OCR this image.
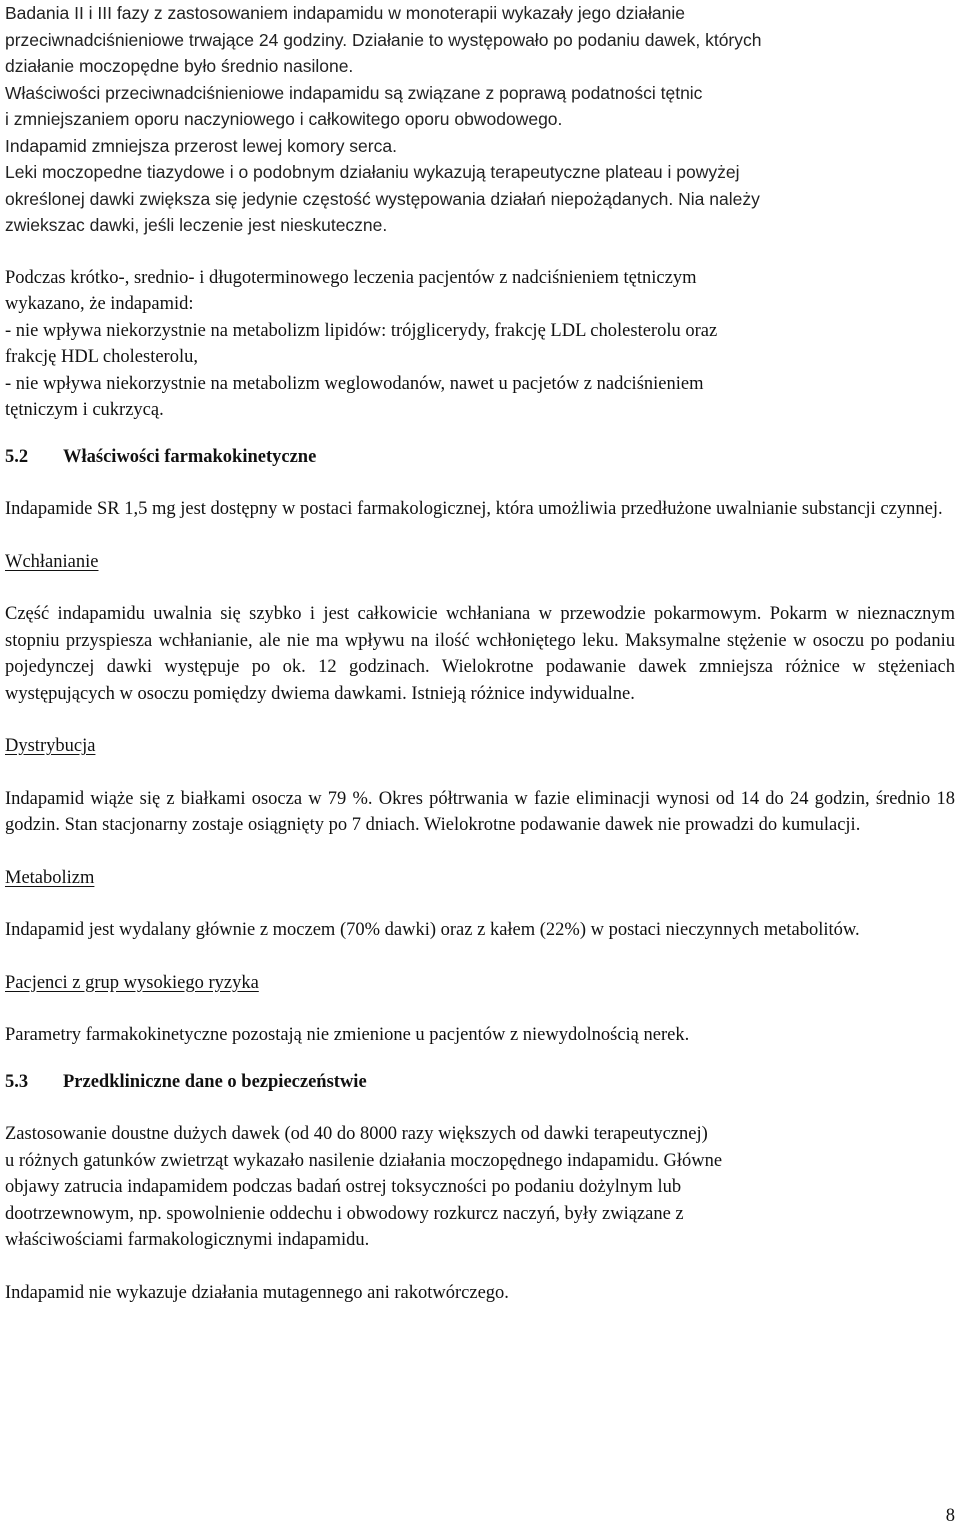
Badania II i III fazy z zastosowaniem indapamidu w monoterapii wykazały jego działanie

przeciwnadciśnieniowe trwające 24 godziny. Działanie to występowało po podaniu dawek, których

działanie moczopędne było średnio nasilone.

Właściwości przeciwnadciśnieniowe indapamidu są związane z poprawą podatności tętnic

i zmniejszaniem oporu naczyniowego i całkowitego oporu obwodowego.

Indapamid zmniejsza przerost lewej komory serca.

Leki moczopedne tiazydowe i o podobnym działaniu wykazują terapeutyczne plateau i powyżej

określonej dawki zwiększa się jedynie częstość występowania działań niepożądanych. Nia należy

zwiekszac dawki, jeśli leczenie jest nieskuteczne.

Podczas krótko-, srednio- i długoterminowego leczenia pacjentów z nadciśnieniem tętniczym

wykazano, że indapamid:

- nie wpływa niekorzystnie na metabolizm lipidów: trójglicerydy, frakcję LDL cholesterolu oraz

frakcję HDL cholesterolu,

- nie wpływa niekorzystnie na metabolizm weglowodanów, nawet u pacjetów z nadciśnieniem

tętniczym i cukrzycą.

5.2	Właściwości farmakokinetyczne

Indapamide SR 1,5 mg jest dostępny w postaci farmakologicznej, która umożliwia przedłużone uwalnianie substancji czynnej.

Wchłanianie

Część indapamidu uwalnia się szybko i jest całkowicie wchłaniana w przewodzie pokarmowym. Pokarm w nieznacznym stopniu przyspiesza wchłanianie, ale nie ma wpływu na ilość wchłoniętego leku. Maksymalne stężenie w osoczu po podaniu pojedynczej dawki występuje po ok. 12 godzinach. Wielokrotne podawanie dawek zmniejsza różnice w stężeniach występujących w osoczu pomiędzy dwiema dawkami. Istnieją różnice indywidualne.

Dystrybucja

Indapamid wiąże się z białkami osocza w 79 %. Okres półtrwania w fazie eliminacji wynosi od 14 do 24 godzin, średnio 18 godzin. Stan stacjonarny zostaje osiągnięty po 7 dniach. Wielokrotne podawanie dawek nie prowadzi do kumulacji.

Metabolizm

Indapamid jest wydalany głównie z moczem (70% dawki) oraz z kałem (22%) w postaci nieczynnych metabolitów.

Pacjenci z grup wysokiego ryzyka

Parametry farmakokinetyczne pozostają nie zmienione u pacjentów z niewydolnością nerek.

5.3	Przedkliniczne dane o bezpieczeństwie

Zastosowanie doustne dużych dawek (od 40 do 8000 razy większych od dawki terapeutycznej)

u różnych gatunków zwietrząt wykazało nasilenie działania moczopędnego indapamidu. Główne

objawy zatrucia indapamidem podczas badań ostrej toksyczności po podaniu dożylnym lub

dootrzewnowym, np. spowolnienie oddechu i obwodowy rozkurcz naczyń, były związane z

właściwościami farmakologicznymi indapamidu.

Indapamid nie wykazuje działania mutagennego ani rakotwórczego.

8
